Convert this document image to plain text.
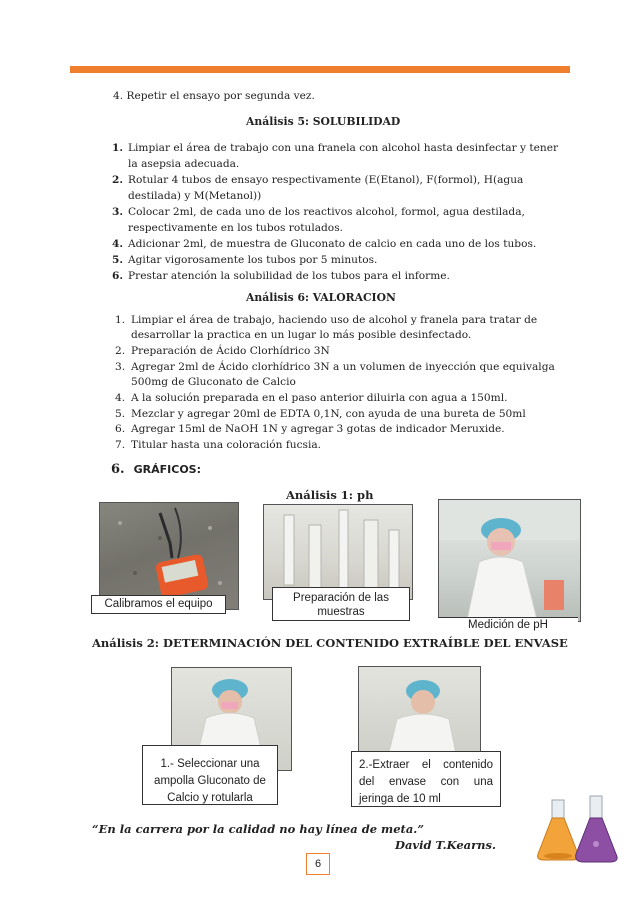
4. Repetir el ensayo por segunda vez.
Análisis 5: SOLUBILIDAD
1. Limpiar el área de trabajo con una franela con alcohol hasta desinfectar y tener
la asepsia adecuada.
2. Rotular 4 tubos de ensayo respectivamente (E(Etanol), F(formol), H(agua
destilada) y M(Metanol))
3. Colocar 2ml, de cada uno de los reactivos alcohol, formol, agua destilada,
respectivamente en los tubos rotulados.
4. Adicionar 2ml, de muestra de Gluconato de calcio en cada uno de los tubos.
5. Agitar vigorosamente los tubos por 5 minutos.
6. Prestar atención la solubilidad de los tubos para el informe.
Análisis 6: VALORACION
1. Limpiar el área de trabajo, haciendo uso de alcohol y franela para tratar de
desarrollar la practica en un lugar lo más posible desinfectado.
2. Preparación de Ácido Clorhídrico 3N
3. Agregar 2ml de Ácido clorhídrico 3N a un volumen de inyección que equivalga
500mg de Gluconato de Calcio
4. A la solución preparada en el paso anterior diluirla con agua a 150ml.
5. Mezclar y agregar 20ml de EDTA 0,1N, con ayuda de una bureta de 50ml
6. Agregar 15ml de NaOH 1N y agregar 3 gotas de indicador Meruxide.
7. Titular hasta una coloración fucsia.
6. GRÁFICOS:
Análisis 1: ph
Calibramos el equipo	Preparación de las muestras
Medición de pH
Análisis 2: DETERMINACIÓN DEL CONTENIDO EXTRAÍBLE DEL ENVASE
1.- Seleccionar una ampolla Gluconato de Calcio y rotularla
2.-Extraer el contenido del envase con una jeringa de 10 ml
“En la carrera por la calidad no hay línea de meta.”
David T.Kearns.
6
